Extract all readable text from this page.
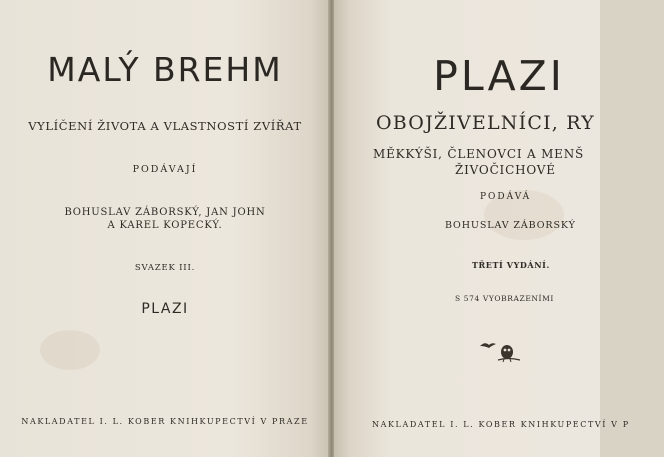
MALÝ BREHM
VYLÍČENÍ ŽIVOTA A VLASTNOSTÍ ZVÍŘAT
PODÁVAJÍ
BOHUSLAV ZÁBORSKÝ, JAN JOHN
A KAREL KOPECKÝ.
SVAZEK III.
PLAZI
NAKLADATEL I. L. KOBER KNIHKUPECTVÍ V PRAZE
PLAZI
OBOJŽIVELNÍCI, RY
MĚKKÝŠI, ČLENOVCI A MENŠ
ŽIVOČICHOVÉ
PODÁVÁ
BOHUSLAV ZÁBORSKÝ
TŘETÍ VYDÁNÍ.
S 574 VYOBRAZENÍMI
NAKLADATEL I. L. KOBER KNIHKUPECTVÍ V P
